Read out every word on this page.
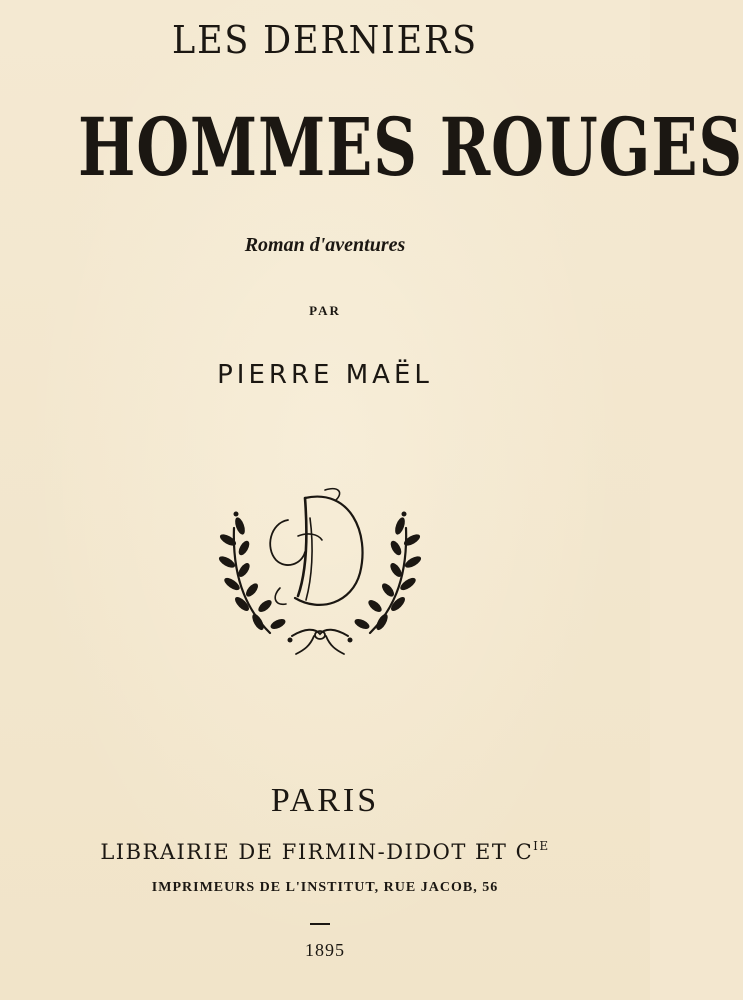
LES DERNIERS
HOMMES ROUGES
Roman d'aventures
PAR
PIERRE MAËL
PARIS
LIBRAIRIE DE FIRMIN-DIDOT ET $C^{IE}$
IMPRIMEURS DE L'INSTITUT, RUE JACOB, 56
1895
